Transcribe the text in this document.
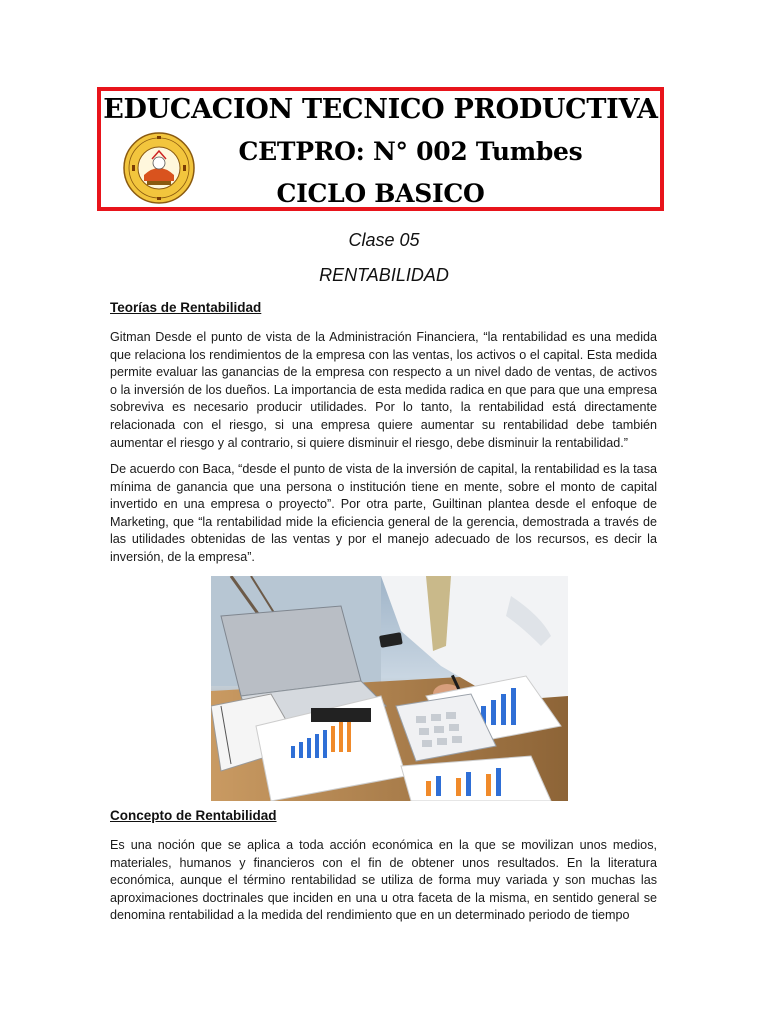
EDUCACION TECNICO PRODUCTIVA
CETPRO: N° 002 Tumbes
CICLO BASICO
Clase 05
RENTABILIDAD
Teorías de Rentabilidad

Gitman Desde el punto de vista de la Administración Financiera, “la rentabilidad es una medida que relaciona los rendimientos de la empresa con las ventas, los activos o el capital. Esta medida permite evaluar las ganancias de la empresa con respecto a un nivel dado de ventas, de activos o la inversión de los dueños. La importancia de esta medida radica en que para que una empresa sobreviva es necesario producir utilidades. Por lo tanto, la rentabilidad está directamente relacionada con el riesgo, si una empresa quiere aumentar su rentabilidad debe también aumentar el riesgo y al contrario, si quiere disminuir el riesgo, debe disminuir la rentabilidad.”

De acuerdo con Baca, “desde el punto de vista de la inversión de capital, la rentabilidad es la tasa mínima de ganancia que una persona o institución tiene en mente, sobre el monto de capital invertido en una empresa o proyecto”. Por otra parte, Guiltinan plantea desde el enfoque de Marketing, que “la rentabilidad mide la eficiencia general de la gerencia, demostrada a través de las utilidades obtenidas de las ventas y por el manejo adecuado de los recursos, es decir la inversión, de la empresa”.

Concepto de Rentabilidad

Es una noción que se aplica a toda acción económica en la que se movilizan unos medios, materiales, humanos y financieros con el fin de obtener unos resultados. En la literatura económica, aunque el término rentabilidad se utiliza de forma muy variada y son muchas las aproximaciones doctrinales que inciden en una u otra faceta de la misma, en sentido general se denomina rentabilidad a la medida del rendimiento que en un determinado periodo de tiempo
